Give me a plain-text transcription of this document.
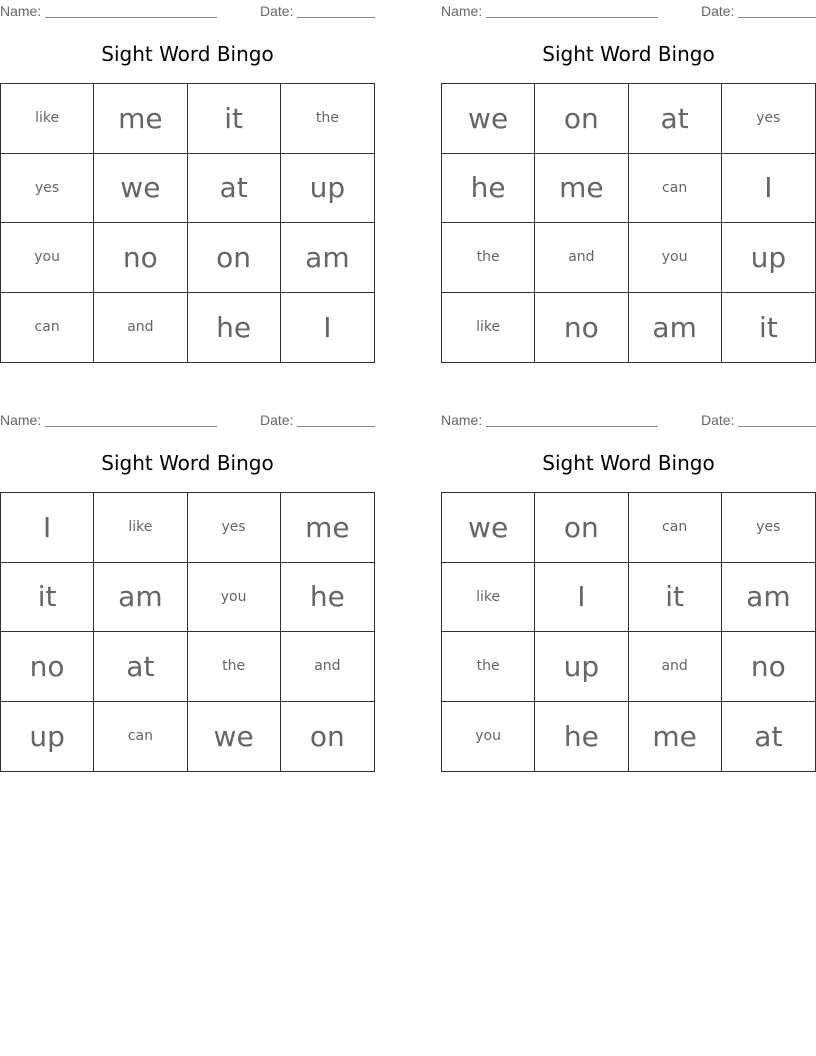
Name:	Date:
Sight Word Bingo
like	me	it	the
yes	we	at	up
you	no	on	am
can	and	he	I
Name:	Date:
Sight Word Bingo
we	on	at	yes
he	me	can	I
the	and	you	up
like	no	am	it
Name:	Date:
Sight Word Bingo
I	like	yes	me
it	am	you	he
no	at	the	and
up	can	we	on
Name:	Date:
Sight Word Bingo
we	on	can	yes
like	I	it	am
the	up	and	no
you	he	me	at
